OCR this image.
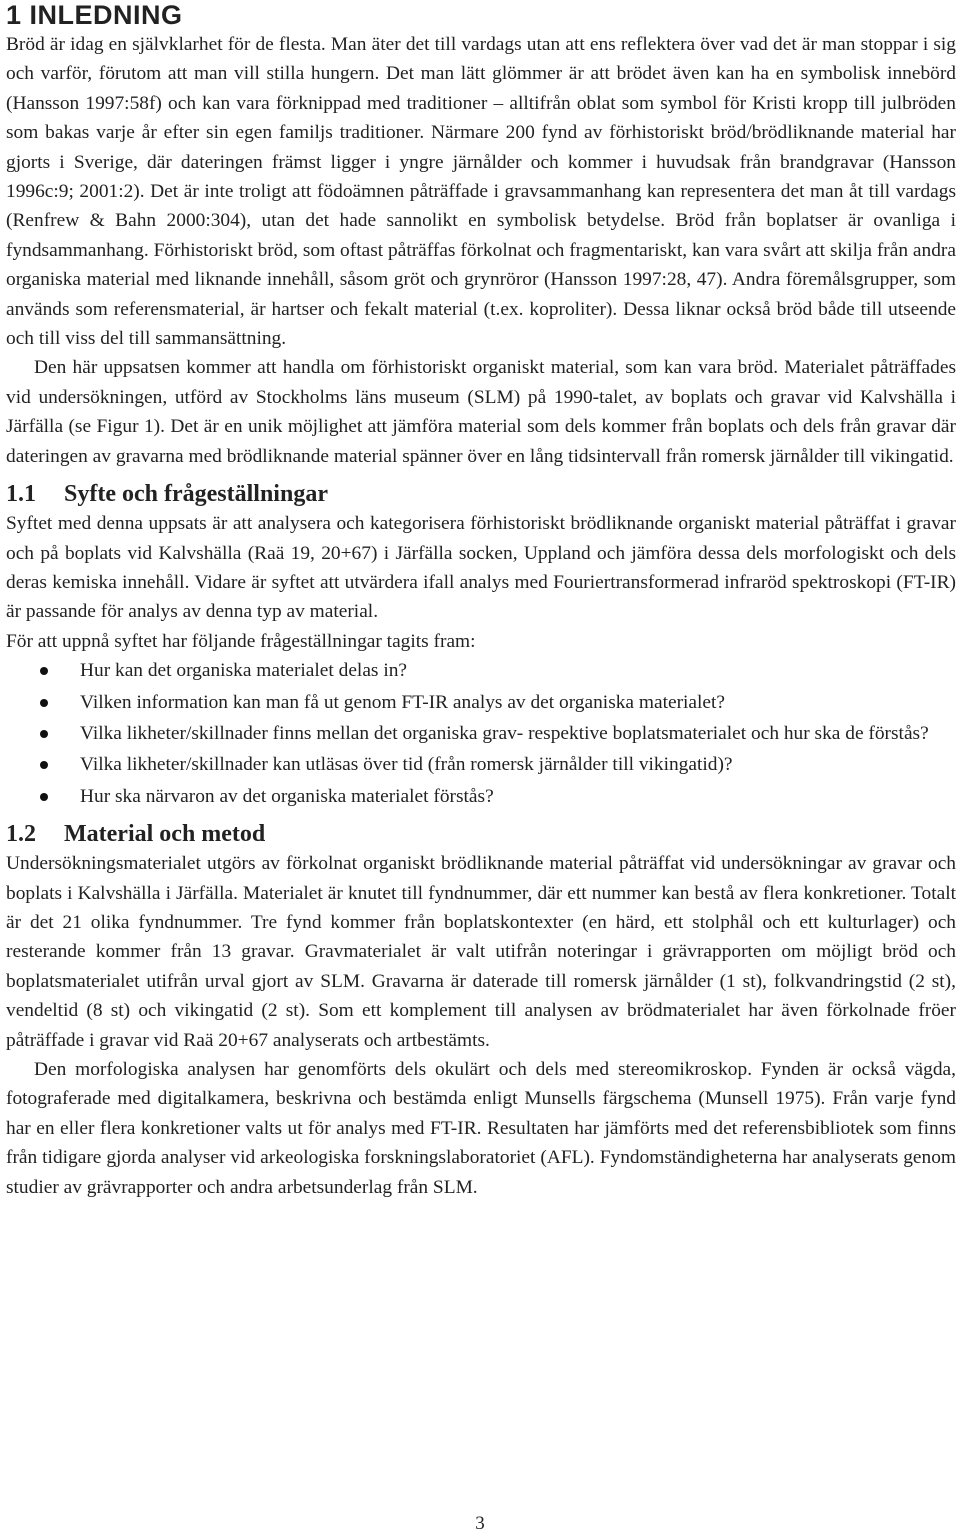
1 INLEDNING

Bröd är idag en självklarhet för de flesta. Man äter det till vardags utan att ens reflektera över vad det är man stoppar i sig och varför, förutom att man vill stilla hungern. Det man lätt glömmer är att brödet även kan ha en symbolisk innebörd (Hansson 1997:58f) och kan vara förknippad med traditioner – alltifrån oblat som symbol för Kristi kropp till julbröden som bakas varje år efter sin egen familjs traditioner. Närmare 200 fynd av förhistoriskt bröd/brödliknande material har gjorts i Sverige, där dateringen främst ligger i yngre järnålder och kommer i huvudsak från brandgravar (Hansson 1996c:9; 2001:2). Det är inte troligt att födoämnen påträffade i gravsammanhang kan representera det man åt till vardags (Renfrew & Bahn 2000:304), utan det hade sannolikt en symbolisk betydelse. Bröd från boplatser är ovanliga i fyndsammanhang. Förhistoriskt bröd, som oftast påträffas förkolnat och fragmentariskt, kan vara svårt att skilja från andra organiska material med liknande innehåll, såsom gröt och grynröror (Hansson 1997:28, 47). Andra föremålsgrupper, som används som referensmaterial, är hartser och fekalt material (t.ex. koproliter). Dessa liknar också bröd både till utseende och till viss del till sammansättning.

Den här uppsatsen kommer att handla om förhistoriskt organiskt material, som kan vara bröd. Materialet påträffades vid undersökningen, utförd av Stockholms läns museum (SLM) på 1990-talet, av boplats och gravar vid Kalvshälla i Järfälla (se Figur 1). Det är en unik möjlighet att jämföra material som dels kommer från boplats och dels från gravar där dateringen av gravarna med brödliknande material spänner över en lång tidsintervall från romersk järnålder till vikingatid.

1.1	Syfte och frågeställningar

Syftet med denna uppsats är att analysera och kategorisera förhistoriskt brödliknande organiskt material påträffat i gravar och på boplats vid Kalvshälla (Raä 19, 20+67) i Järfälla socken, Uppland och jämföra dessa dels morfologiskt och dels deras kemiska innehåll. Vidare är syftet att utvärdera ifall analys med Fouriertransformerad infraröd spektroskopi (FT-IR) är passande för analys av denna typ av material.

För att uppnå syftet har följande frågeställningar tagits fram:

Hur kan det organiska materialet delas in?
Vilken information kan man få ut genom FT-IR analys av det organiska materialet?
Vilka likheter/skillnader finns mellan det organiska grav- respektive boplatsmaterialet och hur ska de förstås?
Vilka likheter/skillnader kan utläsas över tid (från romersk järnålder till vikingatid)?
Hur ska närvaron av det organiska materialet förstås?
1.2	Material och metod

Undersökningsmaterialet utgörs av förkolnat organiskt brödliknande material påträffat vid undersökningar av gravar och boplats i Kalvshälla i Järfälla. Materialet är knutet till fyndnummer, där ett nummer kan bestå av flera konkretioner. Totalt är det 21 olika fyndnummer. Tre fynd kommer från boplatskontexter (en härd, ett stolphål och ett kulturlager) och resterande kommer från 13 gravar. Gravmaterialet är valt utifrån noteringar i grävrapporten om möjligt bröd och boplatsmaterialet utifrån urval gjort av SLM. Gravarna är daterade till romersk järnålder (1 st), folkvandringstid (2 st), vendeltid (8 st) och vikingatid (2 st). Som ett komplement till analysen av brödmaterialet har även förkolnade fröer påträffade i gravar vid Raä 20+67 analyserats och artbestämts.

Den morfologiska analysen har genomförts dels okulärt och dels med stereomikroskop. Fynden är också vägda, fotograferade med digitalkamera, beskrivna och bestämda enligt Munsells färgschema (Munsell 1975). Från varje fynd har en eller flera konkretioner valts ut för analys med FT-IR. Resultaten har jämförts med det referensbibliotek som finns från tidigare gjorda analyser vid arkeologiska forskningslaboratoriet (AFL). Fyndomständigheterna har analyserats genom studier av grävrapporter och andra arbetsunderlag från SLM.

3
